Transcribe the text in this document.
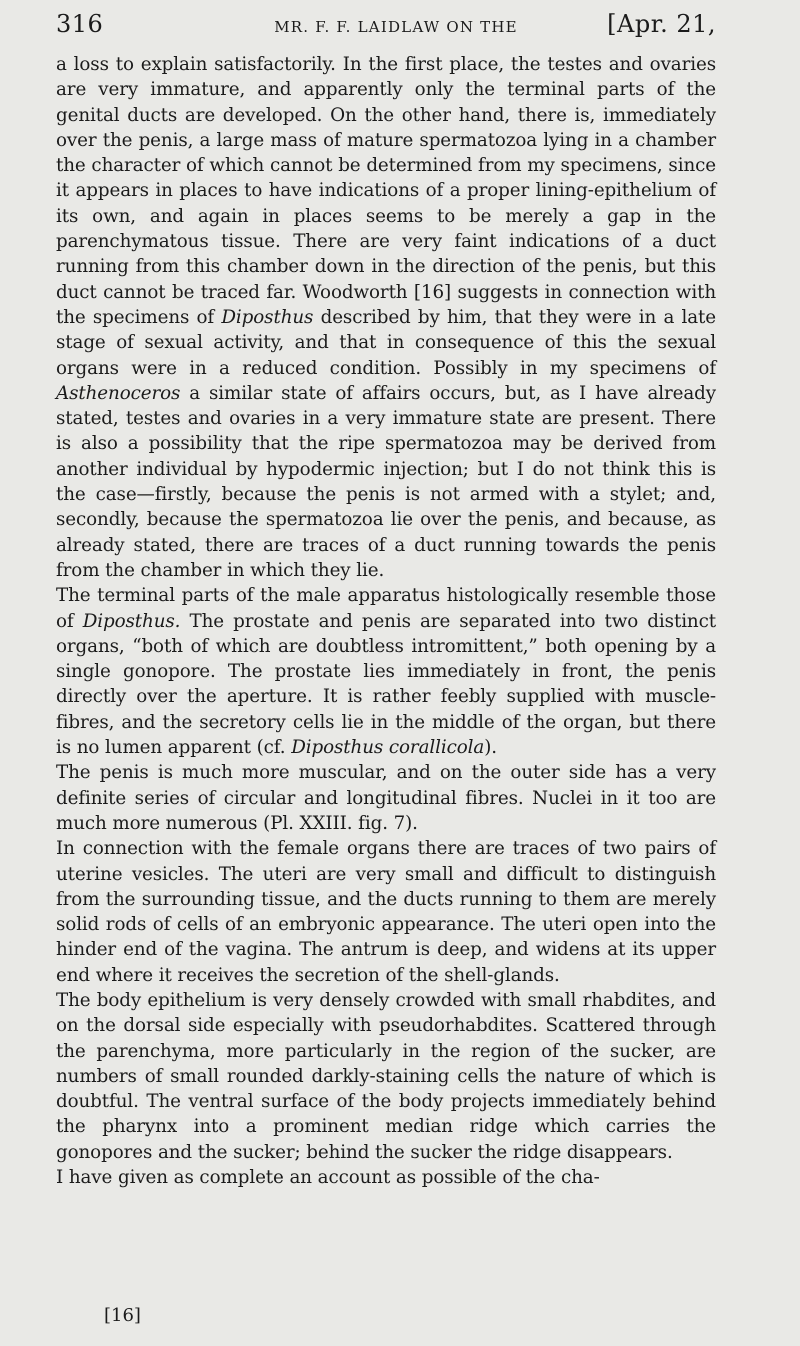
316	MR. F. F. LAIDLAW ON THE	[Apr. 21,

a loss to explain satisfactorily. In the first place, the testes and ovaries are very immature, and apparently only the terminal parts of the genital ducts are developed. On the other hand, there is, immediately over the penis, a large mass of mature spermatozoa lying in a chamber the character of which cannot be determined from my specimens, since it appears in places to have indications of a proper lining-epithelium of its own, and again in places seems to be merely a gap in the parenchymatous tissue. There are very faint indications of a duct running from this chamber down in the direction of the penis, but this duct cannot be traced far. Woodworth [16] suggests in connection with the specimens of Diposthus described by him, that they were in a late stage of sexual activity, and that in consequence of this the sexual organs were in a reduced condition. Possibly in my specimens of Asthenoceros a similar state of affairs occurs, but, as I have already stated, testes and ovaries in a very immature state are present. There is also a possibility that the ripe spermatozoa may be derived from another individual by hypodermic injection; but I do not think this is the case—firstly, because the penis is not armed with a stylet; and, secondly, because the spermatozoa lie over the penis, and because, as already stated, there are traces of a duct running towards the penis from the chamber in which they lie.

The terminal parts of the male apparatus histologically resemble those of Diposthus. The prostate and penis are separated into two distinct organs, “both of which are doubtless intromittent,” both opening by a single gonopore. The prostate lies immediately in front, the penis directly over the aperture. It is rather feebly supplied with muscle-fibres, and the secretory cells lie in the middle of the organ, but there is no lumen apparent (cf. Diposthus corallicola).

The penis is much more muscular, and on the outer side has a very definite series of circular and longitudinal fibres. Nuclei in it too are much more numerous (Pl. XXIII. fig. 7).

In connection with the female organs there are traces of two pairs of uterine vesicles. The uteri are very small and difficult to distinguish from the surrounding tissue, and the ducts running to them are merely solid rods of cells of an embryonic appearance. The uteri open into the hinder end of the vagina. The antrum is deep, and widens at its upper end where it receives the secretion of the shell-glands.

The body epithelium is very densely crowded with small rhabdites, and on the dorsal side especially with pseudorhabdites. Scattered through the parenchyma, more particularly in the region of the sucker, are numbers of small rounded darkly-staining cells the nature of which is doubtful. The ventral surface of the body projects immediately behind the pharynx into a prominent median ridge which carries the gonopores and the sucker; behind the sucker the ridge disappears.

I have given as complete an account as possible of the cha-

[16]
